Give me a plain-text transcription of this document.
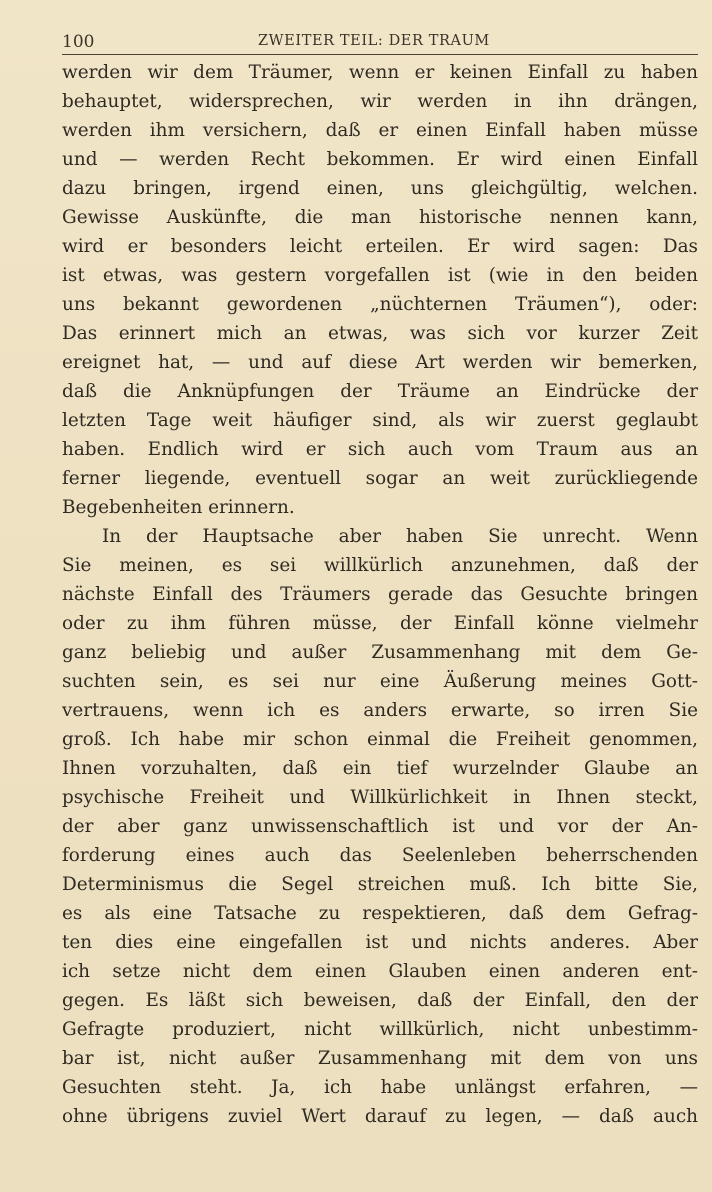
100	ZWEITER TEIL: DER TRAUM
werden wir dem Träumer, wenn er keinen Einfall zu haben
behauptet, widersprechen, wir werden in ihn drängen,
werden ihm versichern, daß er einen Einfall haben müsse
und — werden Recht bekommen. Er wird einen Einfall
dazu bringen, irgend einen, uns gleichgültig, welchen.
Gewisse Auskünfte, die man historische nennen kann,
wird er besonders leicht erteilen. Er wird sagen: Das
ist etwas, was gestern vorgefallen ist (wie in den beiden
uns bekannt gewordenen „nüchternen Träumen“), oder:
Das erinnert mich an etwas, was sich vor kurzer Zeit
ereignet hat, — und auf diese Art werden wir bemerken,
daß die Anknüpfungen der Träume an Eindrücke der
letzten Tage weit häufiger sind, als wir zuerst geglaubt
haben. Endlich wird er sich auch vom Traum aus an
ferner liegende, eventuell sogar an weit zurückliegende
Begebenheiten erinnern.
In der Hauptsache aber haben Sie unrecht. Wenn
Sie meinen, es sei willkürlich anzunehmen, daß der
nächste Einfall des Träumers gerade das Gesuchte bringen
oder zu ihm führen müsse, der Einfall könne vielmehr
ganz beliebig und außer Zusammenhang mit dem Ge-
suchten sein, es sei nur eine Äußerung meines Gott-
vertrauens, wenn ich es anders erwarte, so irren Sie
groß. Ich habe mir schon einmal die Freiheit genommen,
Ihnen vorzuhalten, daß ein tief wurzelnder Glaube an
psychische Freiheit und Willkürlichkeit in Ihnen steckt,
der aber ganz unwissenschaftlich ist und vor der An-
forderung eines auch das Seelenleben beherrschenden
Determinismus die Segel streichen muß. Ich bitte Sie,
es als eine Tatsache zu respektieren, daß dem Gefrag-
ten dies eine eingefallen ist und nichts anderes. Aber
ich setze nicht dem einen Glauben einen anderen ent-
gegen. Es läßt sich beweisen, daß der Einfall, den der
Gefragte produziert, nicht willkürlich, nicht unbestimm-
bar ist, nicht außer Zusammenhang mit dem von uns
Gesuchten steht. Ja, ich habe unlängst erfahren, —
ohne übrigens zuviel Wert darauf zu legen, — daß auch
